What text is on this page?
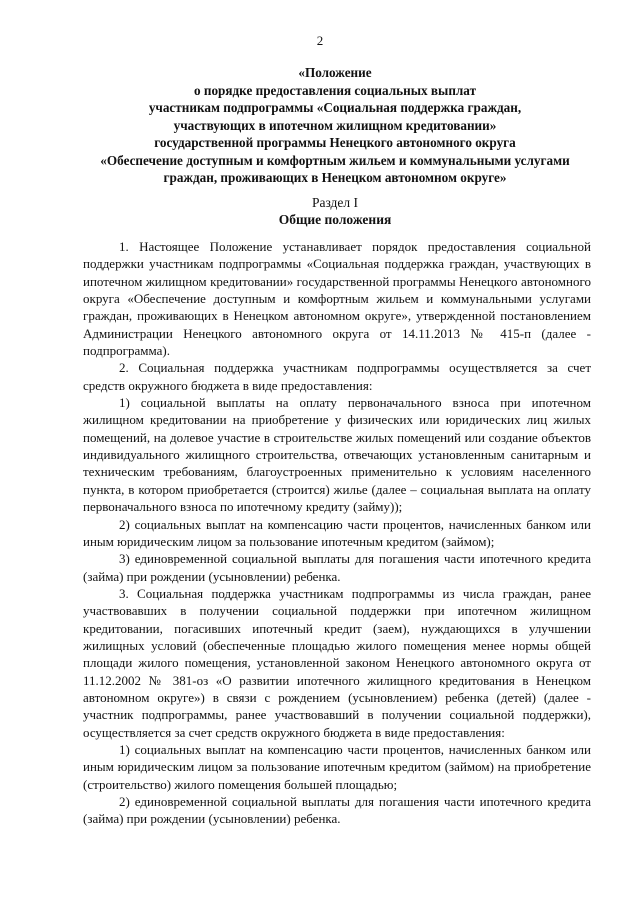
2
«Положение
о порядке предоставления социальных выплат
участникам подпрограммы «Социальная поддержка граждан,
участвующих в ипотечном жилищном кредитовании»
государственной программы Ненецкого автономного округа
«Обеспечение доступным и комфортным жильем и коммунальными услугами
граждан, проживающих в Ненецком автономном округе»
Раздел I
Общие положения

1. Настоящее Положение устанавливает порядок предоставления социальной поддержки участникам подпрограммы «Социальная поддержка граждан, участвующих в ипотечном жилищном кредитовании» государственной программы Ненецкого автономного округа «Обеспечение доступным и комфортным жильем и коммунальными услугами граждан, проживающих в Ненецком автономном округе», утвержденной постановлением Администрации Ненецкого автономного округа от 14.11.2013 № 415-п (далее - подпрограмма).

2. Социальная поддержка участникам подпрограммы осуществляется за счет средств окружного бюджета в виде предоставления:

1) социальной выплаты на оплату первоначального взноса при ипотечном жилищном кредитовании на приобретение у физических или юридических лиц жилых помещений, на долевое участие в строительстве жилых помещений или создание объектов индивидуального жилищного строительства, отвечающих установленным санитарным и техническим требованиям, благоустроенных применительно к условиям населенного пункта, в котором приобретается (строится) жилье (далее – социальная выплата на оплату первоначального взноса по ипотечному кредиту (займу));

2) социальных выплат на компенсацию части процентов, начисленных банком или иным юридическим лицом за пользование ипотечным кредитом (займом);

3) единовременной социальной выплаты для погашения части ипотечного кредита (займа) при рождении (усыновлении) ребенка.

3. Социальная поддержка участникам подпрограммы из числа граждан, ранее участвовавших в получении социальной поддержки при ипотечном жилищном кредитовании, погасивших ипотечный кредит (заем), нуждающихся в улучшении жилищных условий (обеспеченные площадью жилого помещения менее нормы общей площади жилого помещения, установленной законом Ненецкого автономного округа от 11.12.2002 № 381-оз «О развитии ипотечного жилищного кредитования в Ненецком автономном округе») в связи с рождением (усыновлением) ребенка (детей) (далее - участник подпрограммы, ранее участвовавший в получении социальной поддержки), осуществляется за счет средств окружного бюджета в виде предоставления:

1) социальных выплат на компенсацию части процентов, начисленных банком или иным юридическим лицом за пользование ипотечным кредитом (займом) на приобретение (строительство) жилого помещения большей площадью;

2) единовременной социальной выплаты для погашения части ипотечного кредита (займа) при рождении (усыновлении) ребенка.
